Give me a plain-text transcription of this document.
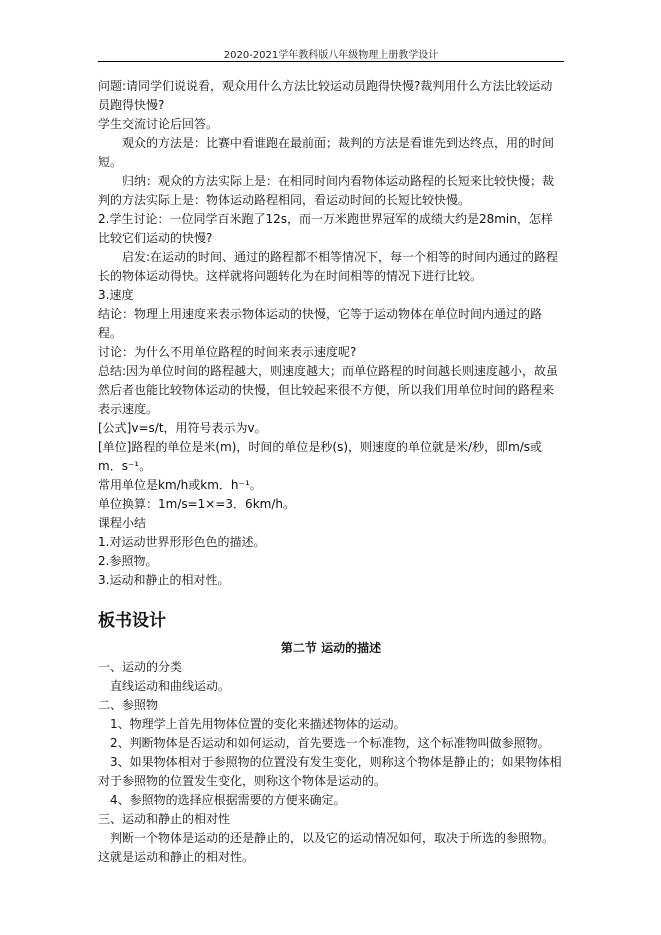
2020-2021学年教科版八年级物理上册教学设计

问题:请同学们说说看，观众用什么方法比较运动员跑得快慢?裁判用什么方法比较运动员跑得快慢?

学生交流讨论后回答。

观众的方法是：比赛中看谁跑在最前面；裁判的方法是看谁先到达终点，用的时间短。

归纳：观众的方法实际上是：在相同时间内看物体运动路程的长短来比较快慢；裁判的方法实际上是：物体运动路程相同，看运动时间的长短比较快慢。

2.学生讨论：一位同学百米跑了12s，而一万米跑世界冠军的成绩大约是28min，怎样比较它们运动的快慢?

启发:在运动的时间、通过的路程都不相等情况下，每一个相等的时间内通过的路程长的物体运动得快。这样就将问题转化为在时间相等的情况下进行比较。

3.速度

结论：物理上用速度来表示物体运动的快慢，它等于运动物体在单位时间内通过的路程。

讨论：为什么不用单位路程的时间来表示速度呢?

总结:因为单位时间的路程越大，则速度越大；而单位路程的时间越长则速度越小，故虽然后者也能比较物体运动的快慢，但比较起来很不方便，所以我们用单位时间的路程来表示速度。

[公式]v=s/t，用符号表示为v。

[单位]路程的单位是米(m)，时间的单位是秒(s)，则速度的单位就是米/秒，即m/s或m．s⁻¹。

常用单位是km/h或km．h⁻¹。

单位换算：1m/s=1×=3．6km/h。

课程小结

1.对运动世界形形色色的描述。

2.参照物。

3.运动和静止的相对性。

板书设计

第二节 运动的描述

一、运动的分类

直线运动和曲线运动。

二、参照物

1、物理学上首先用物体位置的变化来描述物体的运动。

2、判断物体是否运动和如何运动，首先要选一个标准物，这个标准物叫做参照物。

3、如果物体相对于参照物的位置没有发生变化，则称这个物体是静止的；如果物体相对于参照物的位置发生变化，则称这个物体是运动的。

4、参照物的选择应根据需要的方便来确定。

三、运动和静止的相对性

判断一个物体是运动的还是静止的，以及它的运动情况如何，取决于所选的参照物。这就是运动和静止的相对性。
